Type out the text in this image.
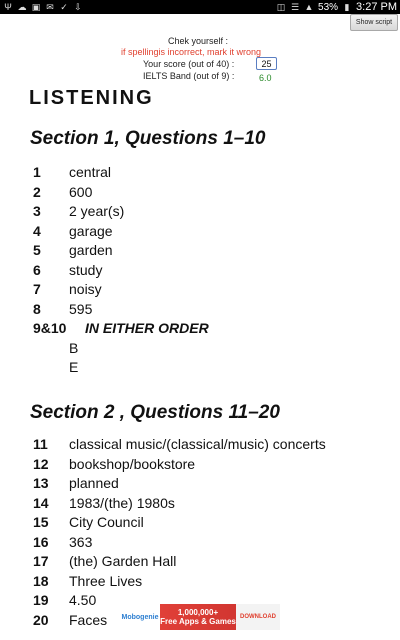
Ψ ☁ ▣ ✉ ✓ ⇩	◫ ☰ ▲ 53% ▮ 3:27 PM
Show script
Chek yourself :
if spellingis incorrect, mark it wrong
Your score (out of 40) :	25
IELTS Band (out of 9) :	6.0
LISTENING
Section 1, Questions 1–10
1 central
2 600
3 2 year(s)
4 garage
5 garden
6 study
7 noisy
8 595
9&10 IN EITHER ORDER
B
E
Section 2 , Questions 11–20
11 classical music/(classical/music) concerts
12 bookshop/bookstore
13 planned
14 1983/(the) 1980s
15 City Council
16 363
17 (the) Garden Hall
18 Three Lives
19 4.50
20 Faces Mobogenie	1,000,000+
Free Apps & Games DOWNLOAD
